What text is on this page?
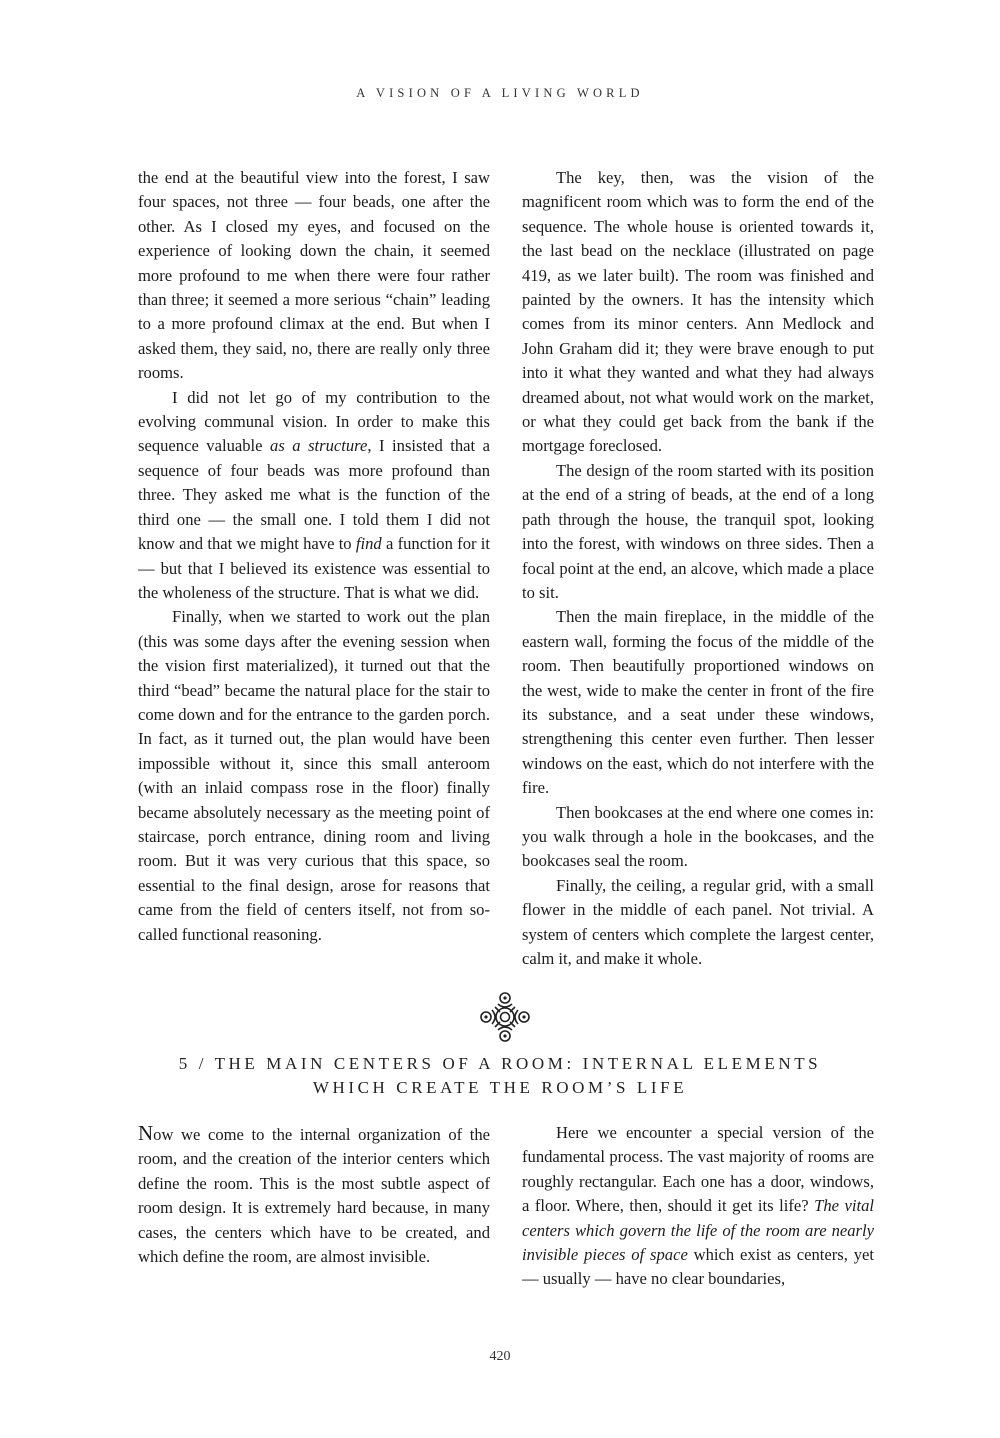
A VISION OF A LIVING WORLD

the end at the beautiful view into the forest, I saw four spaces, not three — four beads, one after the other. As I closed my eyes, and focused on the experience of looking down the chain, it seemed more profound to me when there were four rather than three; it seemed a more serious “chain” leading to a more profound climax at the end. But when I asked them, they said, no, there are really only three rooms.

I did not let go of my contribution to the evolving communal vision. In order to make this sequence valuable as a structure, I insisted that a sequence of four beads was more profound than three. They asked me what is the function of the third one — the small one. I told them I did not know and that we might have to find a function for it — but that I believed its existence was essential to the wholeness of the structure. That is what we did.

Finally, when we started to work out the plan (this was some days after the evening session when the vision first materialized), it turned out that the third “bead” became the natural place for the stair to come down and for the entrance to the garden porch. In fact, as it turned out, the plan would have been impossible without it, since this small anteroom (with an inlaid compass rose in the floor) finally became absolutely necessary as the meeting point of staircase, porch entrance, dining room and living room. But it was very curious that this space, so essential to the final design, arose for reasons that came from the field of centers itself, not from so-called functional reasoning.

The key, then, was the vision of the magnificent room which was to form the end of the sequence. The whole house is oriented towards it, the last bead on the necklace (illustrated on page 419, as we later built). The room was finished and painted by the owners. It has the intensity which comes from its minor centers. Ann Medlock and John Graham did it; they were brave enough to put into it what they wanted and what they had always dreamed about, not what would work on the market, or what they could get back from the bank if the mortgage foreclosed.

The design of the room started with its position at the end of a string of beads, at the end of a long path through the house, the tranquil spot, looking into the forest, with windows on three sides. Then a focal point at the end, an alcove, which made a place to sit.

Then the main fireplace, in the middle of the eastern wall, forming the focus of the middle of the room. Then beautifully proportioned windows on the west, wide to make the center in front of the fire its substance, and a seat under these windows, strengthening this center even further. Then lesser windows on the east, which do not interfere with the fire.

Then bookcases at the end where one comes in: you walk through a hole in the bookcases, and the bookcases seal the room.

Finally, the ceiling, a regular grid, with a small flower in the middle of each panel. Not trivial. A system of centers which complete the largest center, calm it, and make it whole.

5 / THE MAIN CENTERS OF A ROOM: INTERNAL ELEMENTS
WHICH CREATE THE ROOM’S LIFE

Now we come to the internal organization of the room, and the creation of the interior centers which define the room. This is the most subtle aspect of room design. It is extremely hard because, in many cases, the centers which have to be created, and which define the room, are almost invisible.

Here we encounter a special version of the fundamental process. The vast majority of rooms are roughly rectangular. Each one has a door, windows, a floor. Where, then, should it get its life? The vital centers which govern the life of the room are nearly invisible pieces of space which exist as centers, yet — usually — have no clear boundaries,

420
